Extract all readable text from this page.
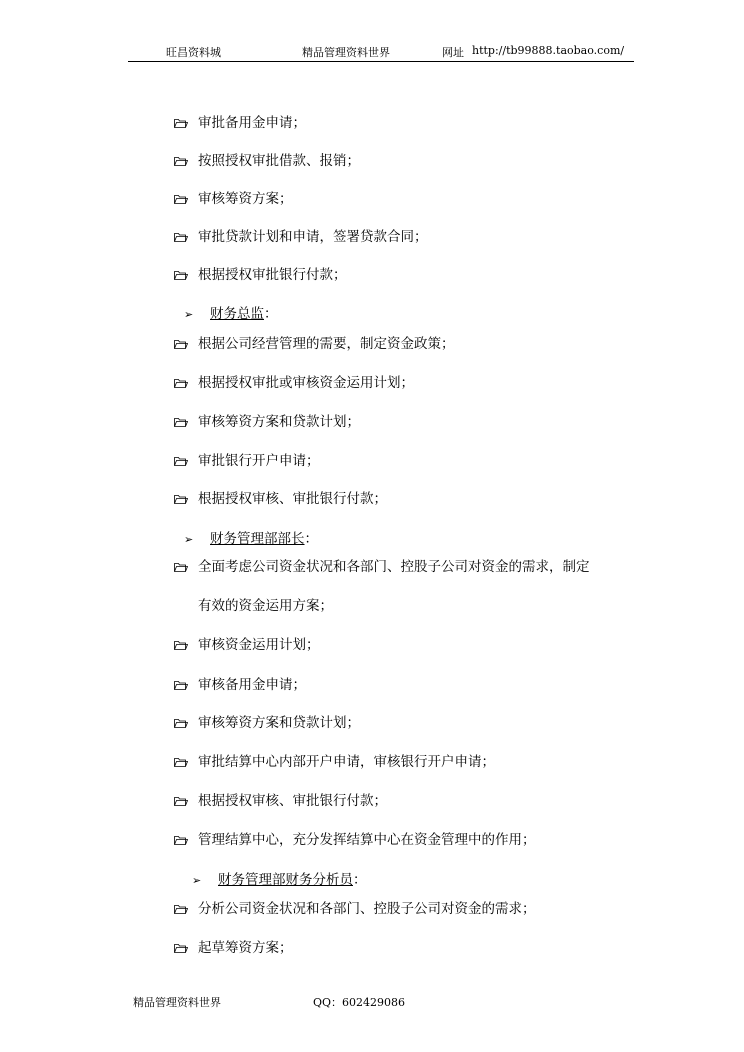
旺昌资料城	精品管理资料世界	网址 http://tb99888.taobao.com/
审批备用金申请；
按照授权审批借款、报销；
审核筹资方案；
审批贷款计划和申请，签署贷款合同；
根据授权审批银行付款；
➢ 财务总监：
根据公司经营管理的需要，制定资金政策；
根据授权审批或审核资金运用计划；
审核筹资方案和贷款计划；
审批银行开户申请；
根据授权审核、审批银行付款；
➢ 财务管理部部长：
全面考虑公司资金状况和各部门、控股子公司对资金的需求，制定
有效的资金运用方案；
审核资金运用计划；
审核备用金申请；
审核筹资方案和贷款计划；
审批结算中心内部开户申请，审核银行开户申请；
根据授权审核、审批银行付款；
管理结算中心，充分发挥结算中心在资金管理中的作用；
➢ 财务管理部财务分析员：
分析公司资金状况和各部门、控股子公司对资金的需求；
起草筹资方案；
精品管理资料世界	QQ：602429086
